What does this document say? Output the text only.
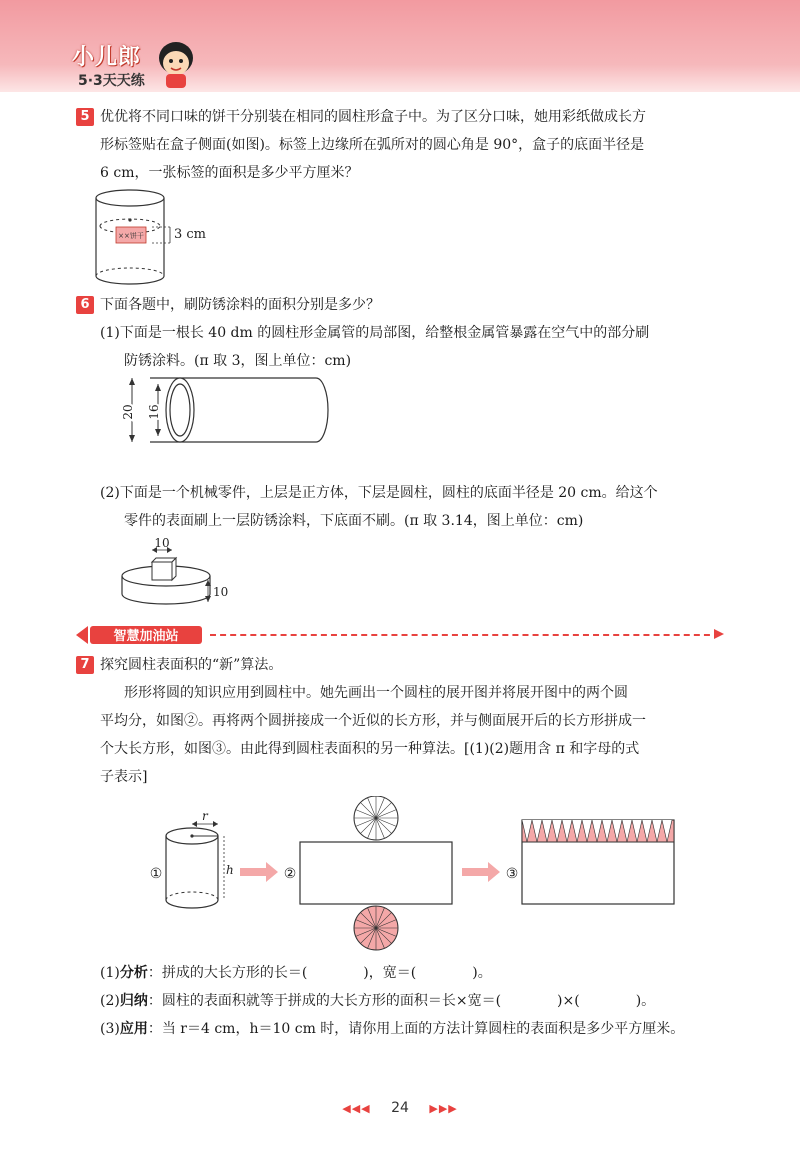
小儿郎
5·3天天练
5 优优将不同口味的饼干分别装在相同的圆柱形盒子中。为了区分口味，她用彩纸做成长方
形标签贴在盒子侧面(如图)。标签上边缘所在弧所对的圆心角是 90°，盒子的底面半径是
6 cm，一张标签的面积是多少平方厘米？
××饼干 3 cm
6 下面各题中，刷防锈涂料的面积分别是多少？
(1)下面是一根长 40 dm 的圆柱形金属管的局部图，给整根金属管暴露在空气中的部分刷
防锈涂料。(π 取 3，图上单位：cm)
20 16
(2)下面是一个机械零件，上层是正方体，下层是圆柱，圆柱的底面半径是 20 cm。给这个
零件的表面刷上一层防锈涂料，下底面不刷。(π 取 3.14，图上单位：cm)
10
10
智慧加油站
7 探究圆柱表面积的“新”算法。
形形将圆的知识应用到圆柱中。她先画出一个圆柱的展开图并将展开图中的两个圆
平均分，如图②。再将两个圆拼接成一个近似的长方形，并与侧面展开后的长方形拼成一
个大长方形，如图③。由此得到圆柱表面积的另一种算法。[(1)(2)题用含 π 和字母的式
子表示]
①
r
h	②	③
(1)分析：拼成的大长方形的长＝(　　　　)，宽＝(　　　　)。
(2)归纳：圆柱的表面积就等于拼成的大长方形的面积＝长×宽＝(　　　　)×(　　　　)。
(3)应用：当 r＝4 cm，h＝10 cm 时，请你用上面的方法计算圆柱的表面积是多少平方厘米。
◀◀◀ 24 ▶▶▶
